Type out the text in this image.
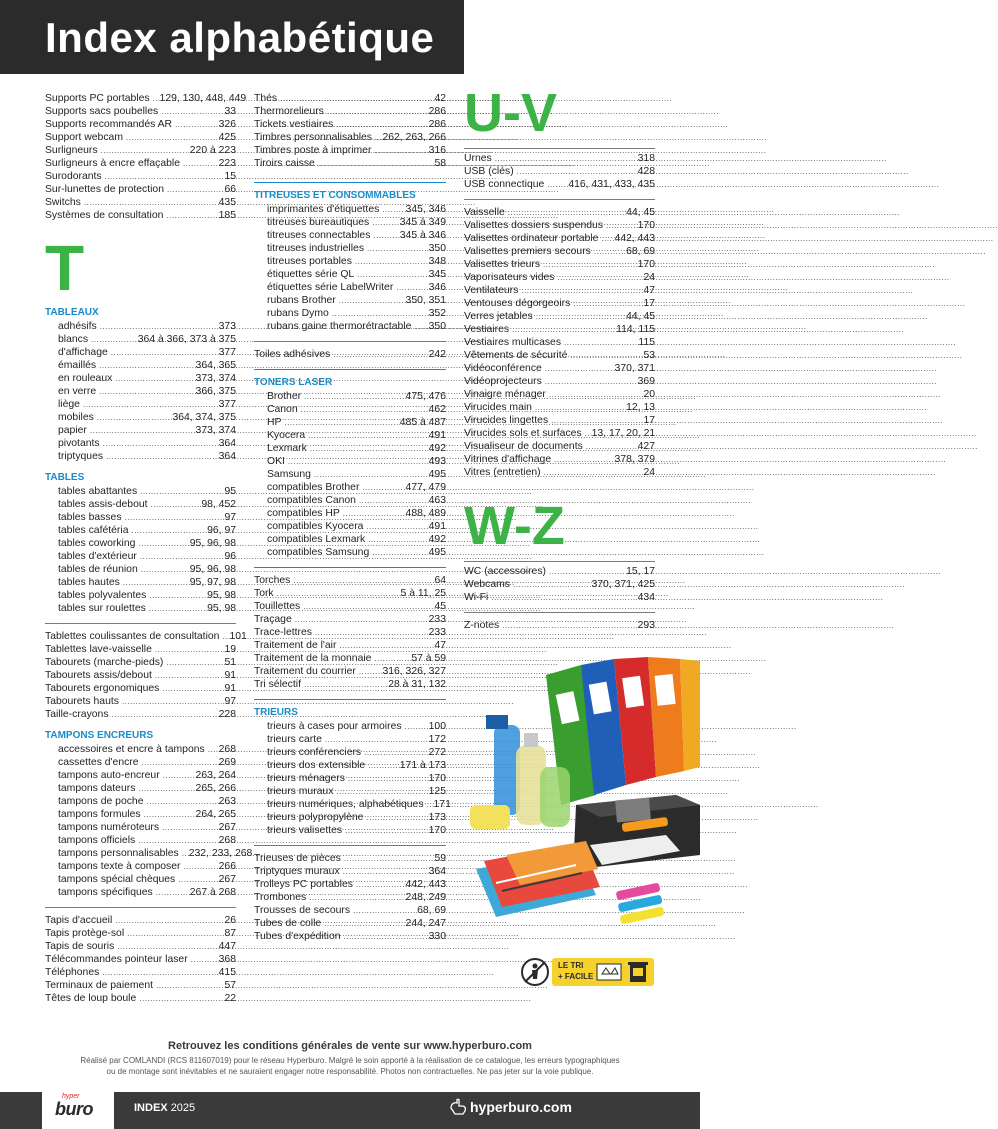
Index alphabétique
Supports PC portables ..... 129, 130, 448, 449
Supports sacs poubelles .....	33
Supports recommandés AR .....	326
Support webcam .....	425
Surligneurs .....	220 à 223
Surligneurs à encre effaçable .....	223
Surodorants .....	15
Sur-lunettes de protection .....	66
Switchs .....	435
Systèmes de consultation .....	185
T
TABLEAUX
adhésifs .....	373
blancs .....	364 à 366, 373 à 375
d'affichage .....	377
émaillés .....	364, 365
en rouleaux .....	373, 374
en verre .....	366, 375
liège .....	377
mobiles .....	364, 374, 375
papier .....	373, 374
pivotants .....	364
triptyques .....	364
TABLES
tables abattantes .....	95
tables assis-debout .....	98, 452
tables basses .....	97
tables cafétéria .....	96, 97
tables coworking .....	95, 96, 98
tables d'extérieur .....	96
tables de réunion .....	95, 96, 98
tables hautes .....	95, 97, 98
tables polyvalentes .....	95, 98
tables sur roulettes .....	95, 98
Tablettes coulissantes de consultation ..... 101
Tablettes lave-vaisselle .....	19
Tabourets (marche-pieds) .....	51
Tabourets assis/debout .....	91
Tabourets ergonomiques .....	91
Tabourets hauts .....	97
Taille-crayons .....	228
TAMPONS ENCREURS
accessoires et encre à tampons ..... 268
cassettes d'encre .....	269
tampons auto-encreur .....	263, 264
tampons dateurs .....	265, 266
tampons de poche .....	263
tampons formules .....	264, 265
tampons numéroteurs .....	267
tampons officiels .....	268
tampons personnalisables ..... 232, 233, 268
tampons texte à composer .....	266
tampons spécial chèques .....	267
tampons spécifiques .....	267 à 268
Tapis d'accueil .....	26
Tapis protège-sol .....	87
Tapis de souris .....	447
Télécommandes pointeur laser .....	368
Téléphones .....	415
Terminaux de paiement .....	57
Têtes de loup boule .....	22
Thés .....	42
Thermorelieurs .....	286
Tickets vestiaires .....	286
Timbres personnalisables ..... 262, 263, 266
Timbres poste à imprimer .....	316
Tiroirs caisse .....	58
TITREUSES ET CONSOMMABLES
imprimantes d'étiquettes .....	345, 346
titreuses bureautiques .....	345 à 349
titreuses connectables .....	345 à 346
titreuses industrielles .....	350
titreuses portables .....	348
étiquettes série QL .....	345
étiquettes série LabelWriter .....	346
rubans Brother .....	350, 351
rubans Dymo .....	352
rubans gaine thermorétractable ..... 350
Toiles adhésives .....	242
TONERS LASER
Brother .....	475, 476
Canon .....	462
HP .....	485 à 487
Kyocera .....	491
Lexmark .....	492
OKI .....	493
Samsung .....	495
compatibles Brother .....	477, 479
compatibles Canon .....	463
compatibles HP .....	488, 489
compatibles Kyocera .....	491
compatibles Lexmark .....	492
compatibles Samsung .....	495
Torches .....	64
Tork .....	5 à 11, 25
Touillettes .....	45
Traçage .....	233
Trace-lettres .....	233
Traitement de l'air .....	47
Traitement de la monnaie .....	57 à 59
Traitement du courrier .....	316, 326, 327
Tri sélectif .....	28 à 31, 132
TRIEURS
trieurs à cases pour armoires .....	100
trieurs carte .....	172
trieurs conférenciers .....	272
trieurs dos extensible .....	171 à 173
trieurs ménagers .....	170
trieurs muraux .....	125
trieurs numériques, alphabétiques ..... 171
trieurs polypropylène .....	173
trieurs valisettes .....	170
Trieuses de pièces .....	59
Triptyques muraux .....	364
Trolleys PC portables .....	442, 443
Trombones .....	248, 249
Trousses de secours .....	68, 69
Tubes de colle .....	244, 247
Tubes d'expédition .....	330
U-V
Urnes .....	318
USB (clés) .....	428
USB connectique ..... 416, 431, 433, 435
Vaisselle .....	44, 45
Valisettes dossiers suspendus .....	170
Valisettes ordinateur portable ..... 442, 443
Valisettes premiers secours .....	68, 69
Valisettes trieurs .....	170
Vaporisateurs vides .....	24
Ventilateurs .....	47
Ventouses dégorgeoirs .....	17
Verres jetables .....	44, 45
Vestiaires .....	114, 115
Vestiaires multicases .....	115
Vêtements de sécurité .....	53
Vidéoconférence .....	370, 371
Vidéoprojecteurs .....	369
Vinaigre ménager .....	20
Virucides main .....	12, 13
Virucides lingettes .....	17
Virucides sols et surfaces ..... 13, 17, 20, 21
Visualiseur de documents .....	427
Vitrines d'affichage .....	378, 379
Vitres (entretien) .....	24
W-Z
WC (accessoires) .....	15, 17
Webcams .....	370, 371, 425
Wi-Fi .....	434
Z-notes .....	293
LE TRI
+ FACILE
Retrouvez les conditions générales de vente sur www.hyperburo.com
Réalisé par COMLANDI (RCS 811607019) pour le réseau Hyperburo. Malgré le soin apporté à la réalisation de ce catalogue, les erreurs typographiques
ou de montage sont inévitables et ne sauraient engager notre responsabilité. Photos non contractuelles. Ne pas jeter sur la voie publique.
hyper
buro	INDEX 2025	hyperburo.com
